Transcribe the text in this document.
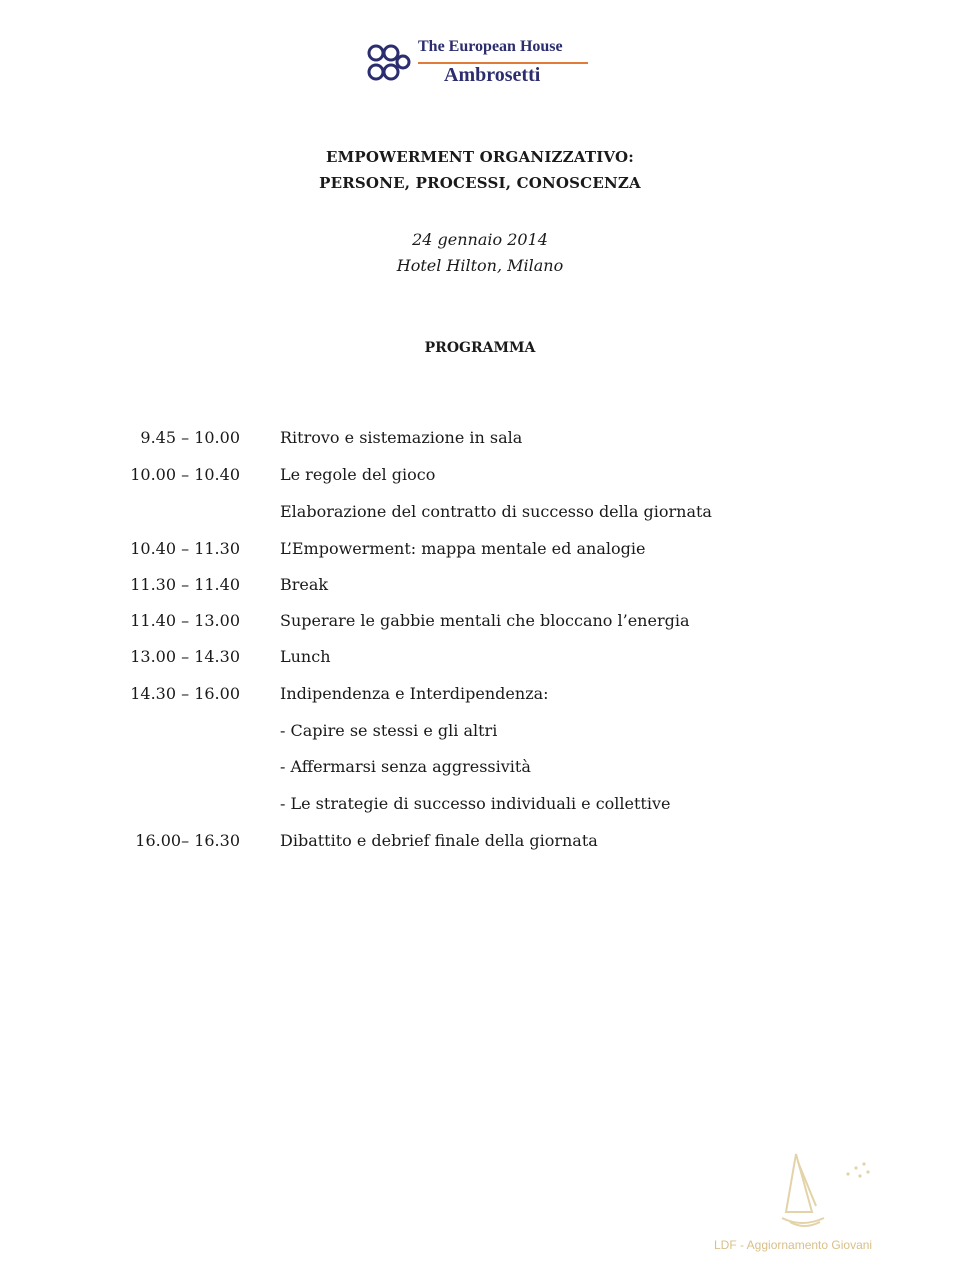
The European House
Ambrosetti
EMPOWERMENT ORGANIZZATIVO:
PERSONE, PROCESSI, CONOSCENZA
24 gennaio 2014
Hotel Hilton, Milano
PROGRAMMA
9.45 – 10.00	Ritrovo e sistemazione in sala
10.00 – 10.40	Le regole del gioco
Elaborazione del contratto di successo della giornata
10.40 – 11.30	L’Empowerment: mappa mentale ed analogie
11.30 – 11.40	Break
11.40 – 13.00	Superare le gabbie mentali che bloccano l’energia
13.00 – 14.30	Lunch
14.30 – 16.00	Indipendenza e Interdipendenza:
- Capire se stessi e gli altri
- Affermarsi senza aggressività
- Le strategie di successo individuali e collettive
16.00– 16.30	Dibattito e debrief finale della giornata
LDF - Aggiornamento Giovani
